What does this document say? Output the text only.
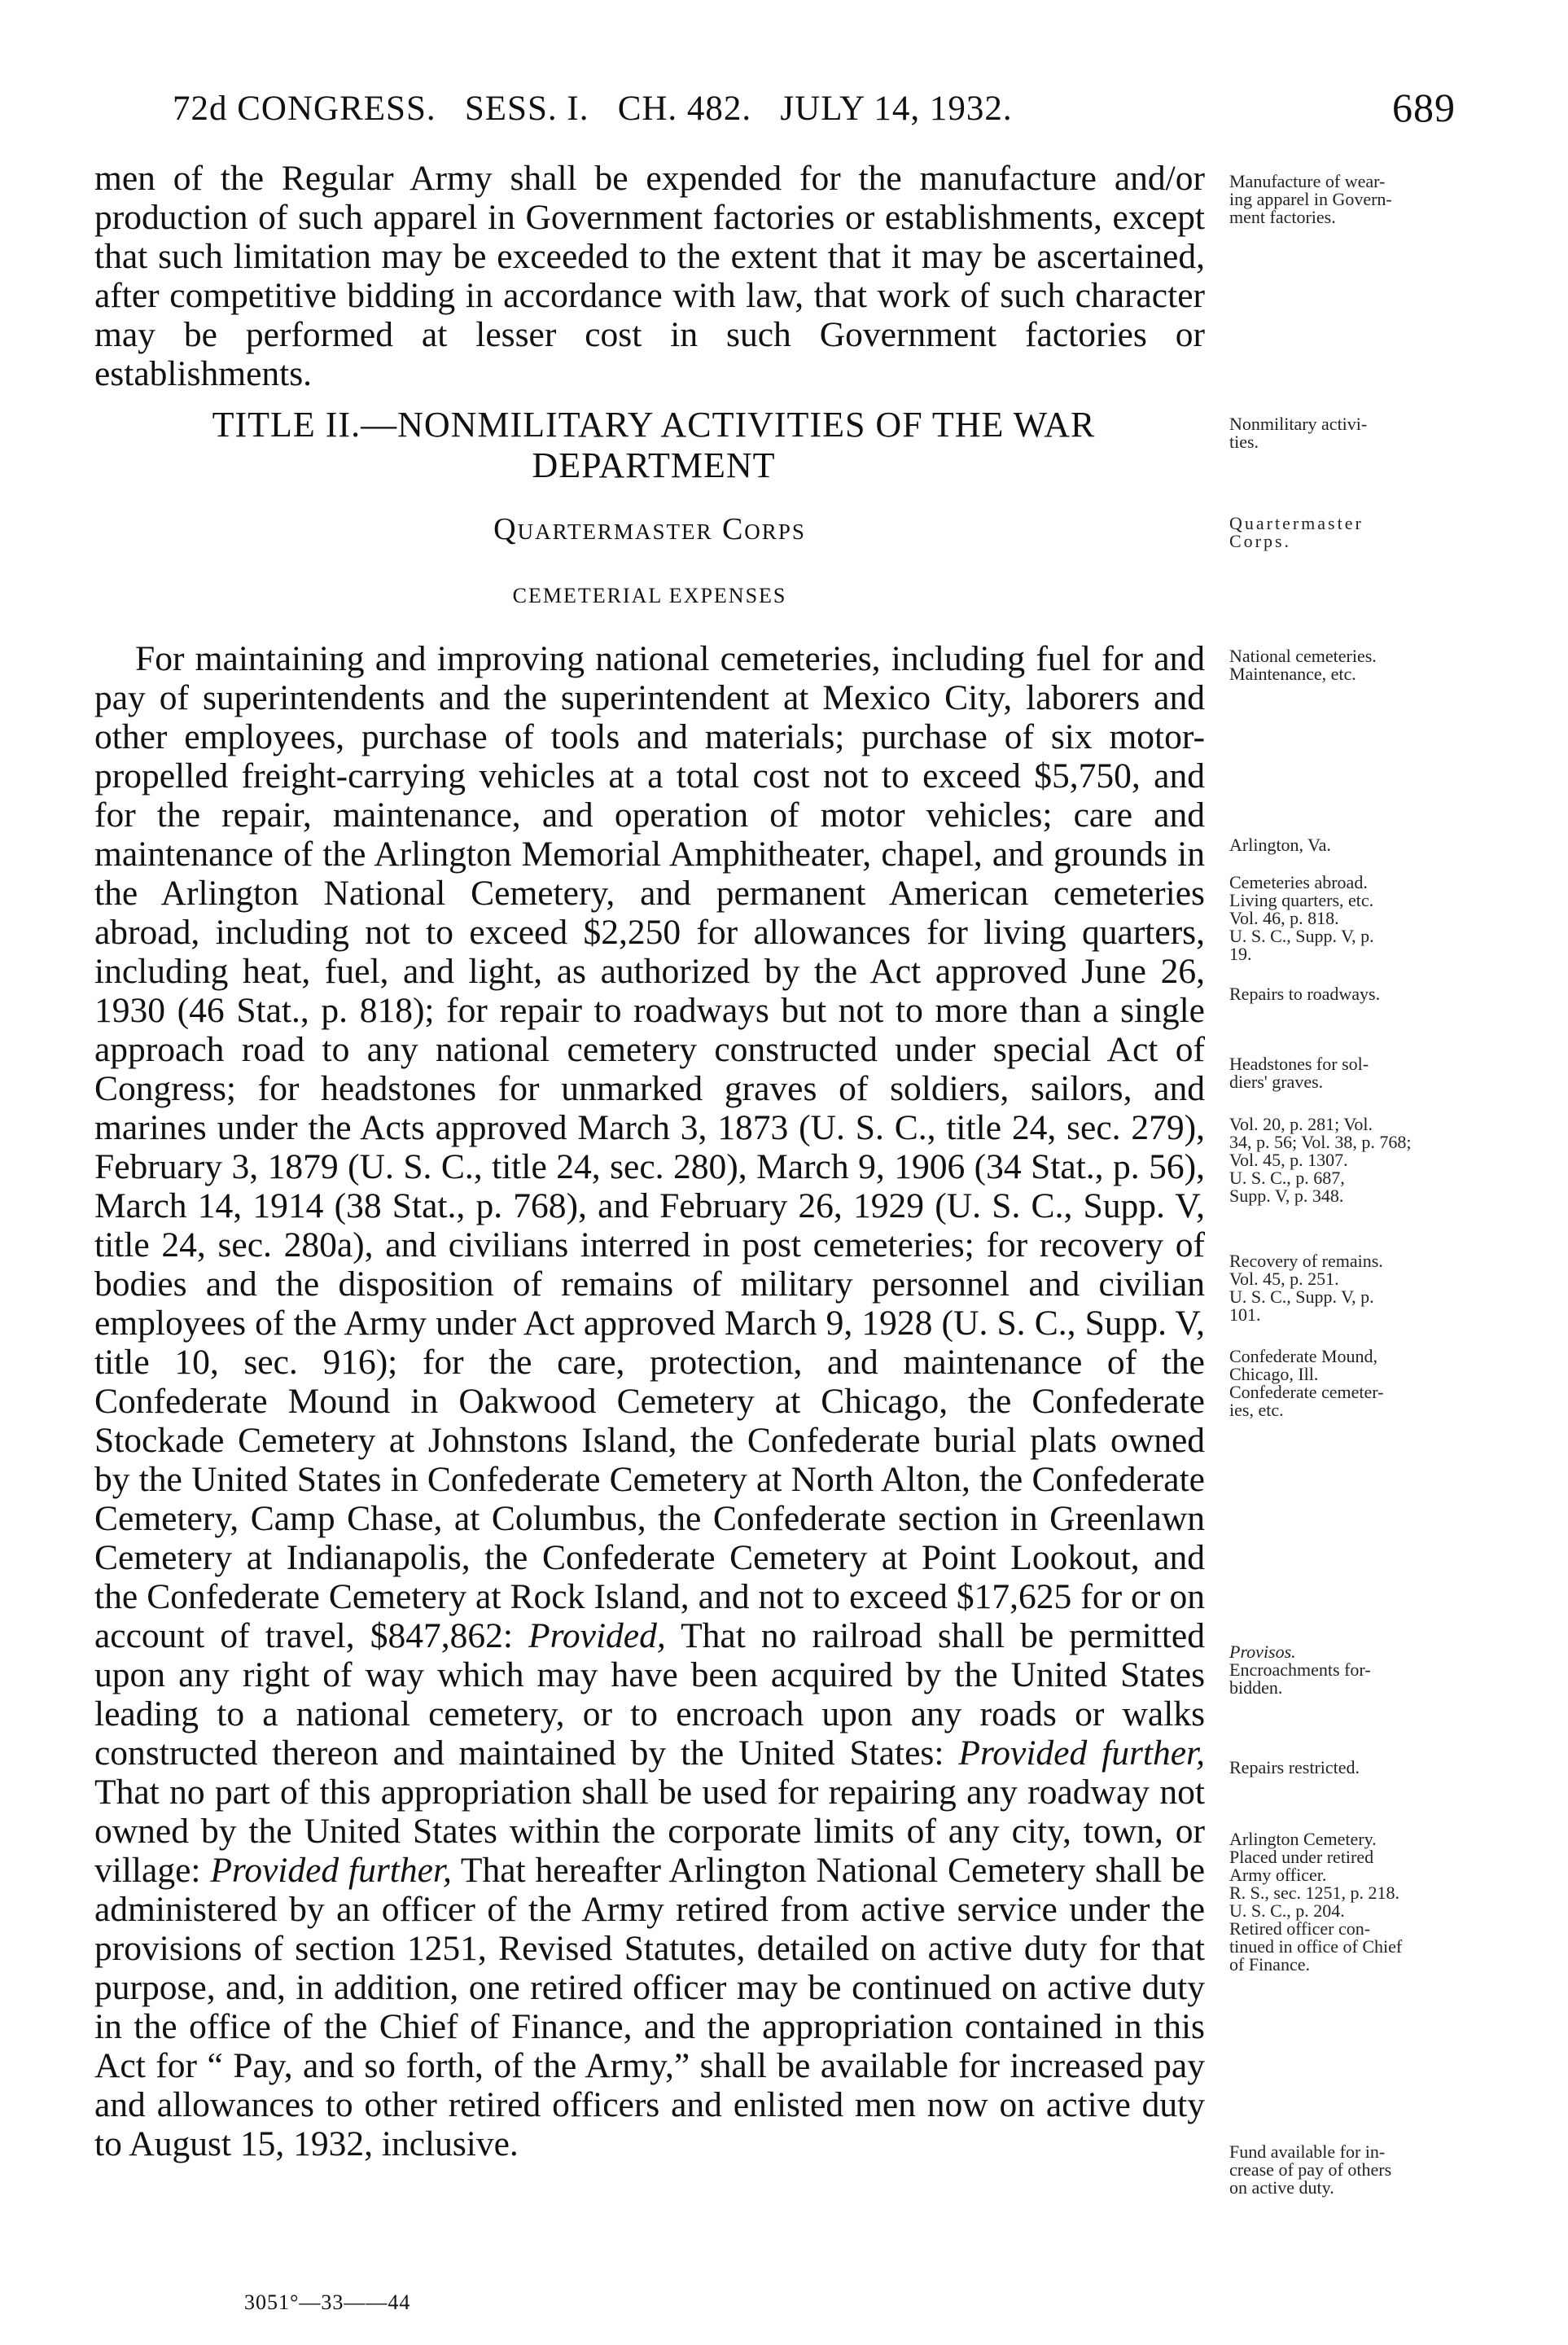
72d CONGRESS.   SESS. I.   CH. 482.   JULY 14, 1932.	689

men of the Regular Army shall be expended for the manufacture and/or production of such apparel in Government factories or establishments, except that such limitation may be exceeded to the extent that it may be ascertained, after competitive bidding in accordance with law, that work of such character may be performed at lesser cost in such Government factories or establishments.

TITLE II.—NONMILITARY ACTIVITIES OF THE WAR DEPARTMENT
Quartermaster Corps
CEMETERIAL EXPENSES

For maintaining and improving national cemeteries, including fuel for and pay of superintendents and the superintendent at Mexico City, laborers and other employees, purchase of tools and materials; purchase of six motor-propelled freight-carrying vehicles at a total cost not to exceed $5,750, and for the repair, maintenance, and operation of motor vehicles; care and maintenance of the Arlington Memorial Amphitheater, chapel, and grounds in the Arlington National Cemetery, and permanent American cemeteries abroad, including not to exceed $2,250 for allowances for living quarters, including heat, fuel, and light, as authorized by the Act approved June 26, 1930 (46 Stat., p. 818); for repair to roadways but not to more than a single approach road to any national cemetery constructed under special Act of Congress; for headstones for unmarked graves of soldiers, sailors, and marines under the Acts approved March 3, 1873 (U. S. C., title 24, sec. 279), February 3, 1879 (U. S. C., title 24, sec. 280), March 9, 1906 (34 Stat., p. 56), March 14, 1914 (38 Stat., p. 768), and February 26, 1929 (U. S. C., Supp. V, title 24, sec. 280a), and civilians interred in post cemeteries; for recovery of bodies and the disposition of remains of military personnel and civilian employees of the Army under Act approved March 9, 1928 (U. S. C., Supp. V, title 10, sec. 916); for the care, protection, and maintenance of the Confederate Mound in Oakwood Cemetery at Chicago, the Confederate Stockade Cemetery at Johnstons Island, the Confederate burial plats owned by the United States in Confederate Cemetery at North Alton, the Confederate Cemetery, Camp Chase, at Columbus, the Confederate section in Greenlawn Cemetery at Indianapolis, the Confederate Cemetery at Point Lookout, and the Confederate Cemetery at Rock Island, and not to exceed $17,625 for or on account of travel, $847,862: Provided, That no railroad shall be permitted upon any right of way which may have been acquired by the United States leading to a national cemetery, or to encroach upon any roads or walks constructed thereon and maintained by the United States: Provided further, That no part of this appropriation shall be used for repairing any roadway not owned by the United States within the corporate limits of any city, town, or village: Provided further, That hereafter Arlington National Cemetery shall be administered by an officer of the Army retired from active service under the provisions of section 1251, Revised Statutes, detailed on active duty for that purpose, and, in addition, one retired officer may be continued on active duty in the office of the Chief of Finance, and the appropriation contained in this Act for “ Pay, and so forth, of the Army,” shall be available for increased pay and allowances to other retired officers and enlisted men now on active duty to August 15, 1932, inclusive.

Manufacture of wear-
ing apparel in Govern-
ment factories.
Nonmilitary activi-
ties.
Quartermaster
Corps.
National cemeteries.
Maintenance, etc.
Arlington, Va.
Cemeteries abroad.
Living quarters, etc.
Vol. 46, p. 818.
U. S. C., Supp. V, p.
19.
Repairs to roadways.
Headstones for sol-
diers' graves.
Vol. 20, p. 281; Vol.
34, p. 56; Vol. 38, p. 768;
Vol. 45, p. 1307.
U. S. C., p. 687,
Supp. V, p. 348.
Recovery of remains.
Vol. 45, p. 251.
U. S. C., Supp. V, p.
101.
Confederate Mound,
Chicago, Ill.
Confederate cemeter-
ies, etc.
Provisos.
Encroachments for-
bidden.
Repairs restricted.
Arlington Cemetery.
Placed under retired
Army officer.
R. S., sec. 1251, p. 218.
U. S. C., p. 204.
Retired officer con-
tinued in office of Chief
of Finance.
Fund available for in-
crease of pay of others
on active duty.
3051°—33——44
